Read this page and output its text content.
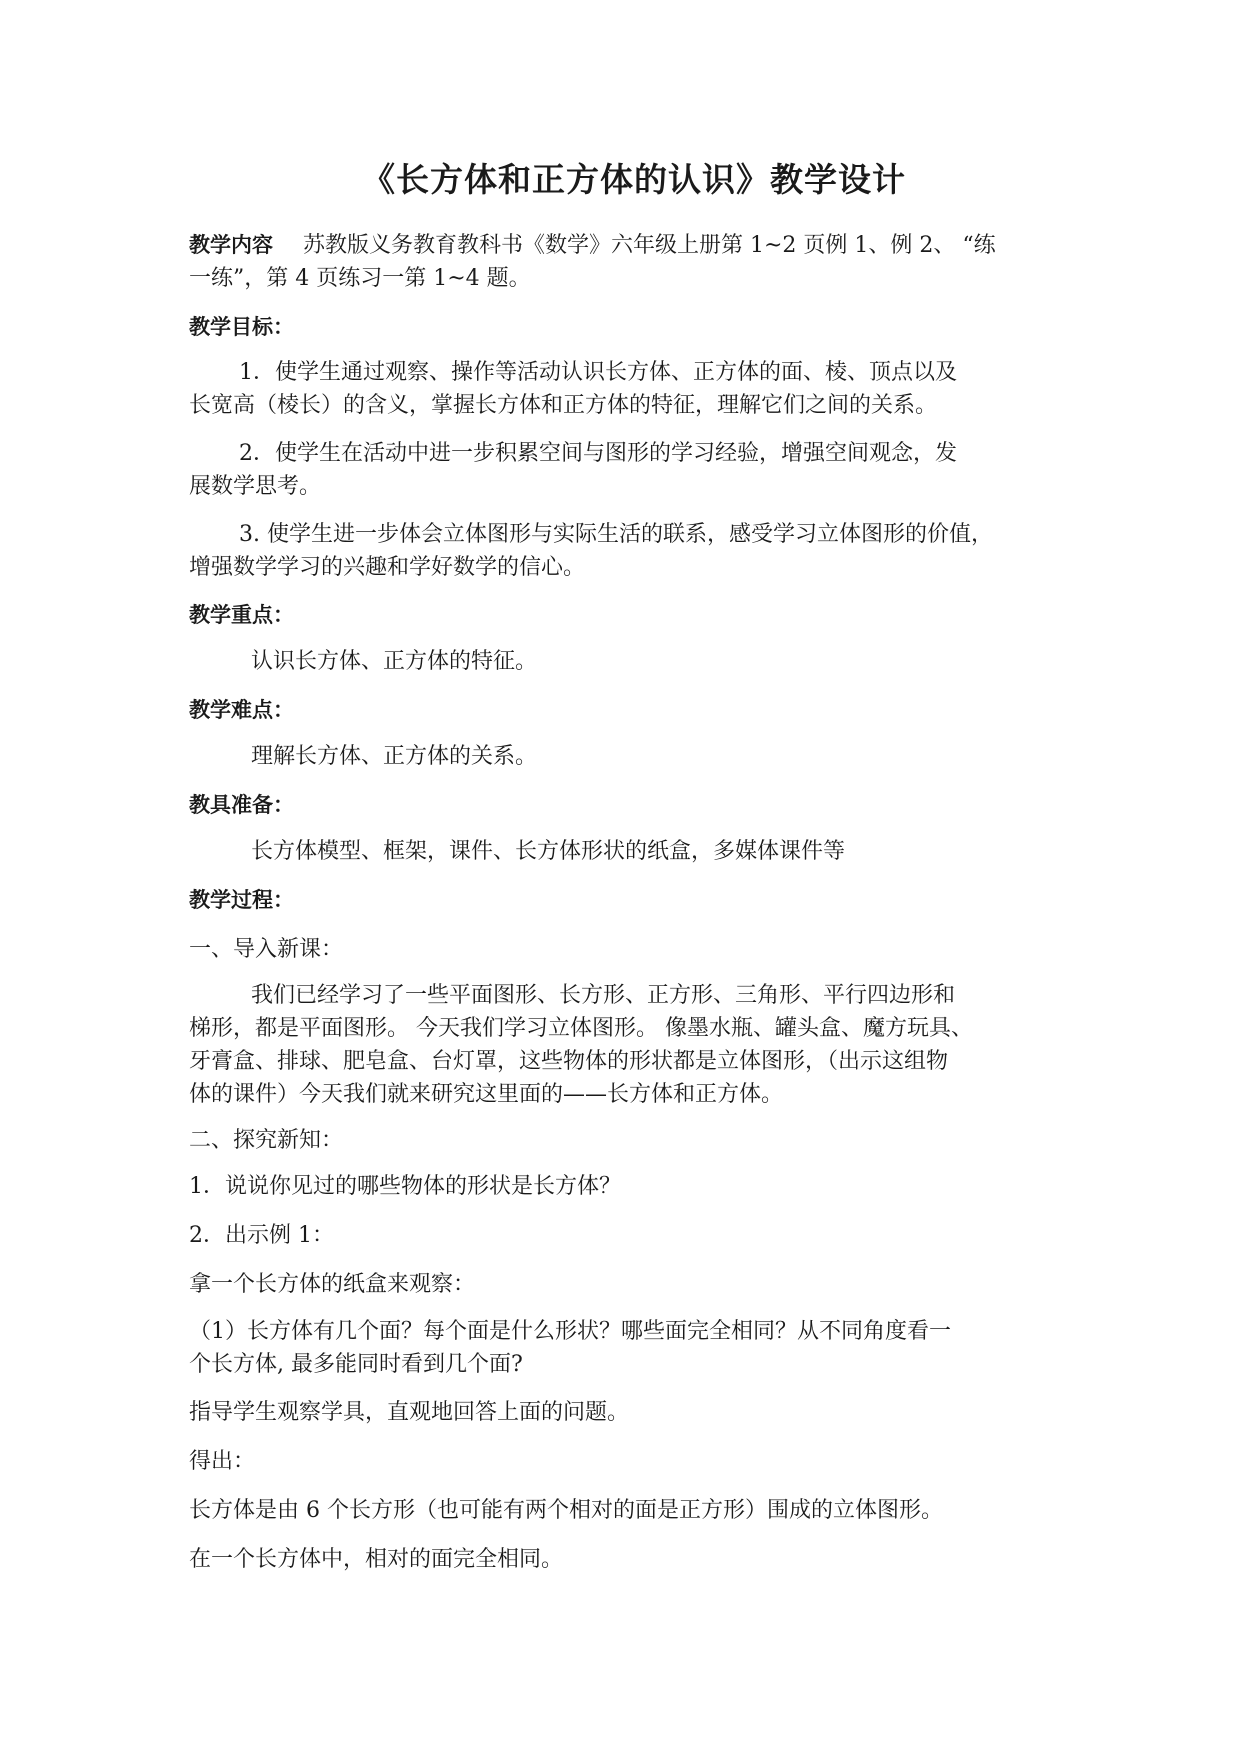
《长方体和正方体的认识》教学设计
教学内容 苏教版义务教育教科书《数学》六年级上册第 1~2 页例 1、例 2、 “练
一练”，第 4 页练习一第 1~4 题。
教学目标：
1．使学生通过观察、操作等活动认识长方体、正方体的面、棱、顶点以及
长宽高（棱长）的含义，掌握长方体和正方体的特征，理解它们之间的关系。
2．使学生在活动中进一步积累空间与图形的学习经验，增强空间观念，发
展数学思考。
3. 使学生进一步体会立体图形与实际生活的联系，感受学习立体图形的价值，
增强数学学习的兴趣和学好数学的信心。
教学重点：
认识长方体、正方体的特征。
教学难点：
理解长方体、正方体的关系。
教具准备：
长方体模型、框架，课件、长方体形状的纸盒，多媒体课件等
教学过程：
一、导入新课：
我们已经学习了一些平面图形、长方形、正方形、三角形、平行四边形和
梯形，都是平面图形。 今天我们学习立体图形。 像墨水瓶、罐头盒、魔方玩具、
牙膏盒、排球、肥皂盒、台灯罩，这些物体的形状都是立体图形，（出示这组物
体的课件）今天我们就来研究这里面的——长方体和正方体。
二、探究新知：
1．说说你见过的哪些物体的形状是长方体？
2．出示例 1：
拿一个长方体的纸盒来观察：
（1）长方体有几个面？每个面是什么形状？哪些面完全相同？从不同角度看一
个长方体, 最多能同时看到几个面?
指导学生观察学具，直观地回答上面的问题。
得出：
长方体是由 6 个长方形（也可能有两个相对的面是正方形）围成的立体图形。
在一个长方体中，相对的面完全相同。
